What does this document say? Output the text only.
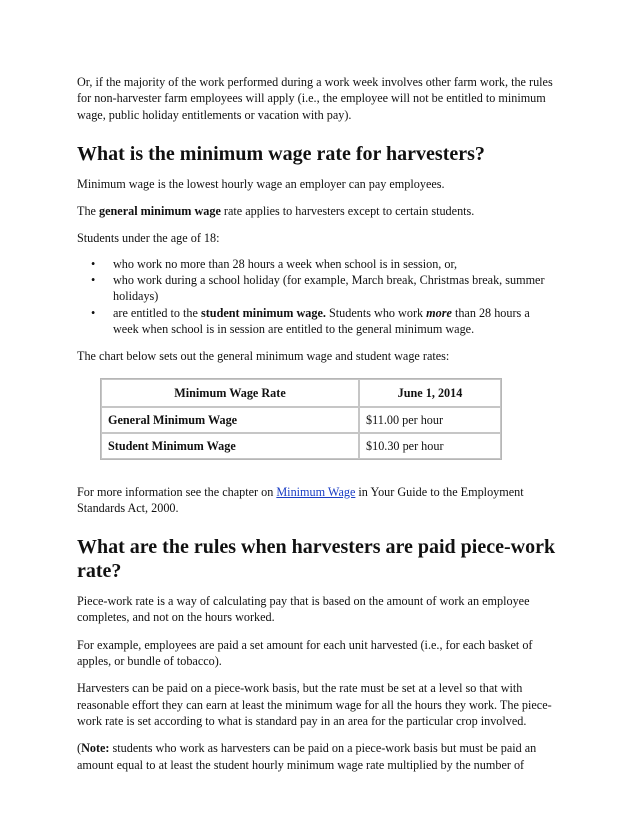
Or, if the majority of the work performed during a work week involves other farm work, the rules for non-harvester farm employees will apply (i.e., the employee will not be entitled to minimum wage, public holiday entitlements or vacation with pay).

What is the minimum wage rate for harvesters?

Minimum wage is the lowest hourly wage an employer can pay employees.

The general minimum wage rate applies to harvesters except to certain students.

Students under the age of 18:

• who work no more than 28 hours a week when school is in session, or,
• who work during a school holiday (for example, March break, Christmas break, summer holidays)
• are entitled to the student minimum wage. Students who work more than 28 hours a week when school is in session are entitled to the general minimum wage.

The chart below sets out the general minimum wage and student wage rates:

Minimum Wage Rate	June 1, 2014
General Minimum Wage	$11.00 per hour
Student Minimum Wage	$10.30 per hour

For more information see the chapter on Minimum Wage in Your Guide to the Employment Standards Act, 2000.

What are the rules when harvesters are paid piece-work rate?

Piece-work rate is a way of calculating pay that is based on the amount of work an employee completes, and not on the hours worked.

For example, employees are paid a set amount for each unit harvested (i.e., for each basket of apples, or bundle of tobacco).

Harvesters can be paid on a piece-work basis, but the rate must be set at a level so that with reasonable effort they can earn at least the minimum wage for all the hours they work. The piece-work rate is set according to what is standard pay in an area for the particular crop involved.

(Note: students who work as harvesters can be paid on a piece-work basis but must be paid an amount equal to at least the student hourly minimum wage rate multiplied by the number of
